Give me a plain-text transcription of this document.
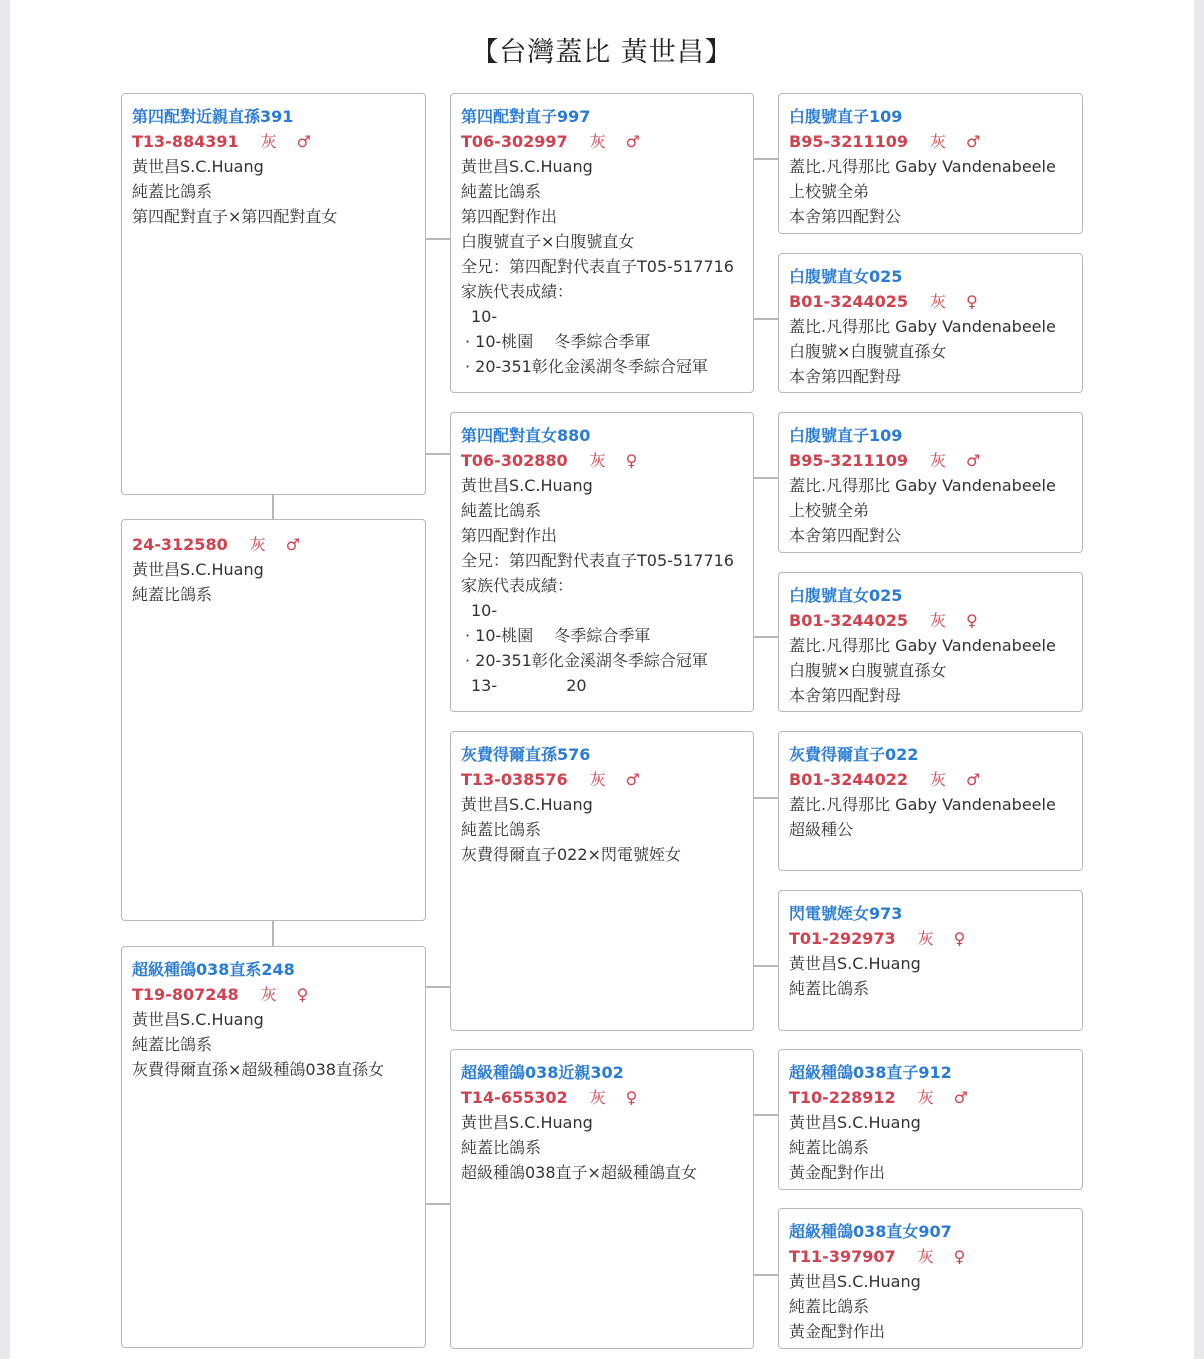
【台灣蓋比 黃世昌】
第四配對近親直孫391
T13-884391 灰 ♂
黃世昌S.C.Huang
純蓋比鴿系
第四配對直子×第四配對直女
24-312580 灰 ♂
黃世昌S.C.Huang
純蓋比鴿系
超級種鴿038直系248
T19-807248 灰 ♀
黃世昌S.C.Huang
純蓋比鴿系
灰費得爾直孫×超級種鴿038直孫女
第四配對直子997
T06-302997 灰 ♂
黃世昌S.C.Huang
純蓋比鴿系
第四配對作出
白腹號直子×白腹號直女
全兄：第四配對代表直子T05-517716
家族代表成績：
10-
· 10-桃園　 冬季綜合季軍
· 20-351彰化金溪湖冬季綜合冠軍
第四配對直女880
T06-302880 灰 ♀
黃世昌S.C.Huang
純蓋比鴿系
第四配對作出
全兄：第四配對代表直子T05-517716
家族代表成績：
10-
· 10-桃園　 冬季綜合季軍
· 20-351彰化金溪湖冬季綜合冠軍
13-　　　　 20
灰費得爾直孫576
T13-038576 灰 ♂
黃世昌S.C.Huang
純蓋比鴿系
灰費得爾直子022×閃電號姪女
超級種鴿038近親302
T14-655302 灰 ♀
黃世昌S.C.Huang
純蓋比鴿系
超級種鴿038直子×超級種鴿直女
白腹號直子109
B95-3211109 灰 ♂
蓋比.凡得那比 Gaby Vandenabeele
上校號全弟
本舍第四配對公
白腹號直女025
B01-3244025 灰 ♀
蓋比.凡得那比 Gaby Vandenabeele
白腹號×白腹號直孫女
本舍第四配對母
白腹號直子109
B95-3211109 灰 ♂
蓋比.凡得那比 Gaby Vandenabeele
上校號全弟
本舍第四配對公
白腹號直女025
B01-3244025 灰 ♀
蓋比.凡得那比 Gaby Vandenabeele
白腹號×白腹號直孫女
本舍第四配對母
灰費得爾直子022
B01-3244022 灰 ♂
蓋比.凡得那比 Gaby Vandenabeele
超級種公
閃電號姪女973
T01-292973 灰 ♀
黃世昌S.C.Huang
純蓋比鴿系
超級種鴿038直子912
T10-228912 灰 ♂
黃世昌S.C.Huang
純蓋比鴿系
黃金配對作出
超級種鴿038直女907
T11-397907 灰 ♀
黃世昌S.C.Huang
純蓋比鴿系
黃金配對作出
